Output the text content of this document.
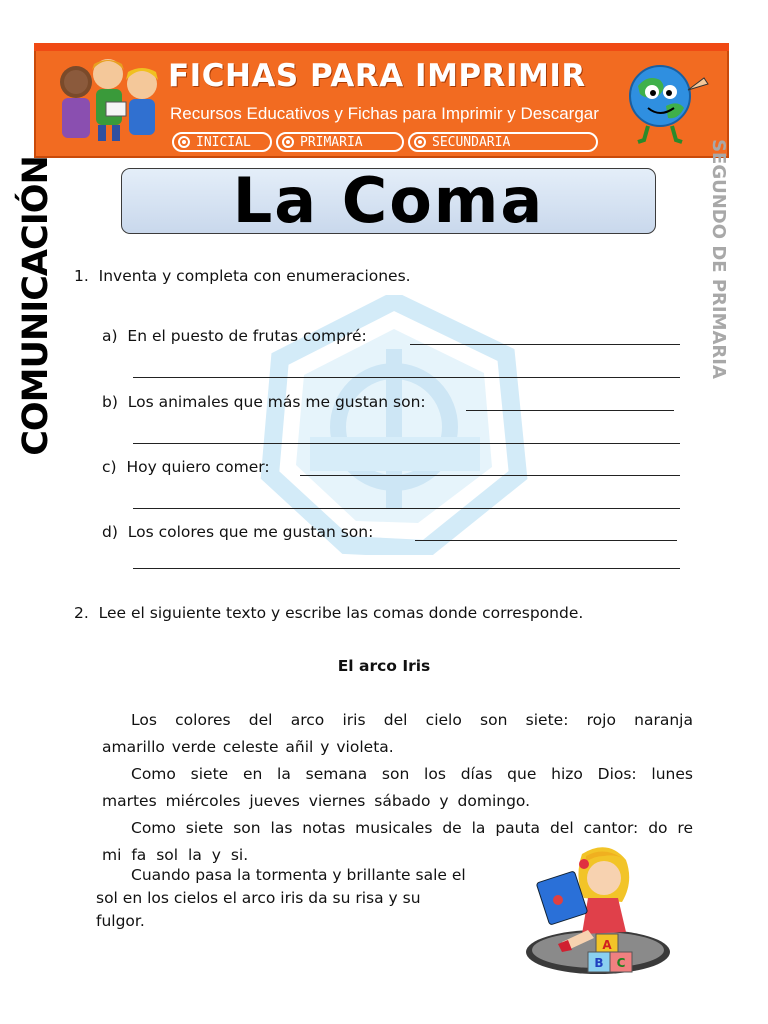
FICHAS PARA IMPRIMIR
Recursos Educativos y Fichas para Imprimir y Descargar
INICIAL	PRIMARIA	SECUNDARIA
La Coma
COMUNICACIÓN	SEGUNDO DE PRIMARIA
1. Inventa y completa con enumeraciones.
a) En el puesto de frutas compré:
b) Los animales que más me gustan son:
c) Hoy quiero comer:
d) Los colores que me gustan son:
2. Lee el siguiente texto y escribe las comas donde corresponde.
El arco Iris
Los colores del arco iris del cielo son siete: rojo naranja
amarillo verde celeste añil y violeta.
Como siete en la semana son los días que hizo Dios: lunes
martes miércoles jueves viernes sábado y domingo.
Como siete son las notas musicales de la pauta del cantor: do re
mi fa sol la y si.
Cuando pasa la tormenta y brillante sale el
sol en los cielos el arco iris da su risa y su
fulgor.
A
B C
